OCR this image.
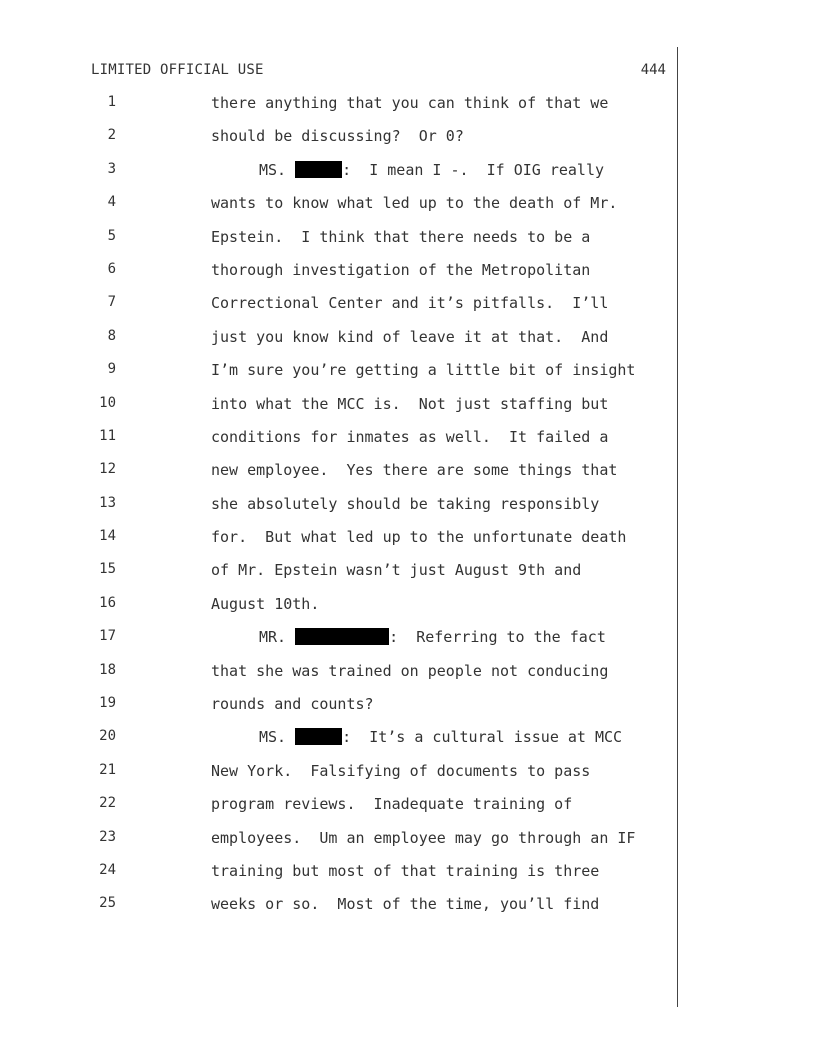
LIMITED OFFICIAL USE	444
1	there anything that you can think of that we
2	should be discussing?  Or 0?
3	MS.	:  I mean I -.  If OIG really
4	wants to know what led up to the death of Mr.
5	Epstein.  I think that there needs to be a
6	thorough investigation of the Metropolitan
7	Correctional Center and it’s pitfalls.  I’ll
8	just you know kind of leave it at that.  And
9	I’m sure you’re getting a little bit of insight
10	into what the MCC is.  Not just staffing but
11	conditions for inmates as well.  It failed a
12	new employee.  Yes there are some things that
13	she absolutely should be taking responsibly
14	for.  But what led up to the unfortunate death
15	of Mr. Epstein wasn’t just August 9th and
16	August 10th.
17	MR.	:  Referring to the fact
18	that she was trained on people not conducing
19	rounds and counts?
20	MS.	:  It’s a cultural issue at MCC
21	New York.  Falsifying of documents to pass
22	program reviews.  Inadequate training of
23	employees.  Um an employee may go through an IF
24	training but most of that training is three
25	weeks or so.  Most of the time, you’ll find
